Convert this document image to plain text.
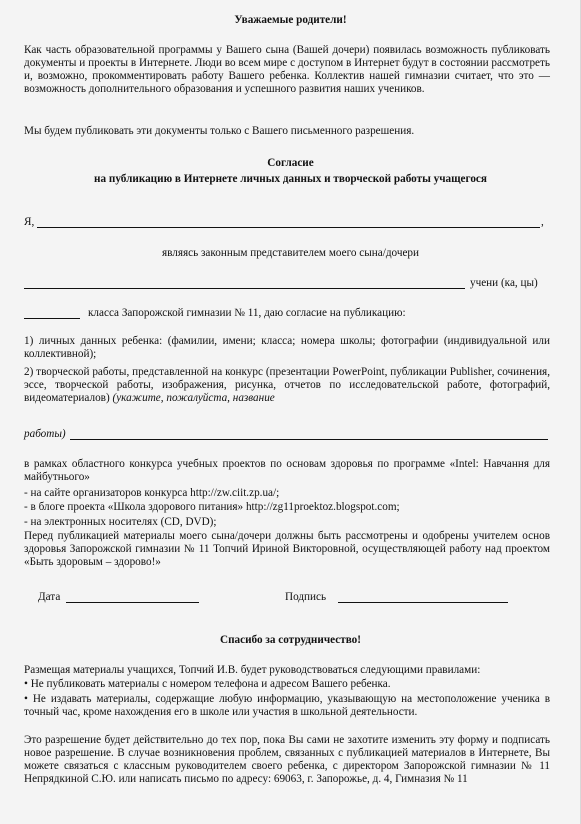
Уважаемые родители!
Как часть образовательной программы у Вашего сына (Вашей дочери) появилась возможность публиковать документы и проекты в Интернете. Люди во всем мире с доступом в Интернет будут в состоянии рассмотреть и, возможно, прокомментировать работу Вашего ребенка. Коллектив нашей гимназии считает, что это — возможность дополнительного образования и успешного развития наших учеников.
Мы будем публиковать эти документы только с Вашего письменного разрешения.
Согласие
на публикацию в Интернете личных данных и творческой работы учащегося
Я,	,
являясь законным представителем моего сына/дочери
учени (ка, цы)
класса Запорожской гимназии № 11, даю согласие на публикацию:
1) личных данных ребенка: (фамилии, имени; класса; номера школы; фотографии (индивидуальной или коллективной);
2) творческой работы, представленной на конкурс (презентации PowerPoint, публикации Publisher, сочинения, эссе, творческой работы, изображения, рисунка, отчетов по исследовательской работе, фотографий, видеоматериалов) (укажите, пожалуйста, название
работы)
в рамках областного конкурса учебных проектов по основам здоровья по программе «Intel: Навчання для майбутнього»
- на сайте организаторов конкурса http://zw.ciit.zp.ua/;
- в блоге проекта «Школа здорового питания» http://zg11proektoz.blogspot.com;
- на электронных носителях (CD, DVD);
Перед публикацией материалы моего сына/дочери должны быть рассмотрены и одобрены учителем основ здоровья Запорожской гимназии № 11 Топчий Ириной Викторовной, осуществляющей работу над проектом «Быть здоровым – здорово!»
Дата	Подпись
Спасибо за сотрудничество!
Размещая материалы учащихся, Топчий И.В. будет руководствоваться следующими правилами:
• Не публиковать материалы с номером телефона и адресом Вашего ребенка.
• Не издавать материалы, содержащие любую информацию, указывающую на местоположение ученика в точный час, кроме нахождения его в школе или участия в школьной деятельности.
Это разрешение будет действительно до тех пор, пока Вы сами не захотите изменить эту форму и подписать новое разрешение. В случае возникновения проблем, связанных с публикацией материалов в Интернете, Вы можете связаться с классным руководителем своего ребенка, с директором Запорожской гимназии № 11 Непрядкиной С.Ю. или написать письмо по адресу: 69063, г. Запорожье, д. 4, Гимназия № 11
